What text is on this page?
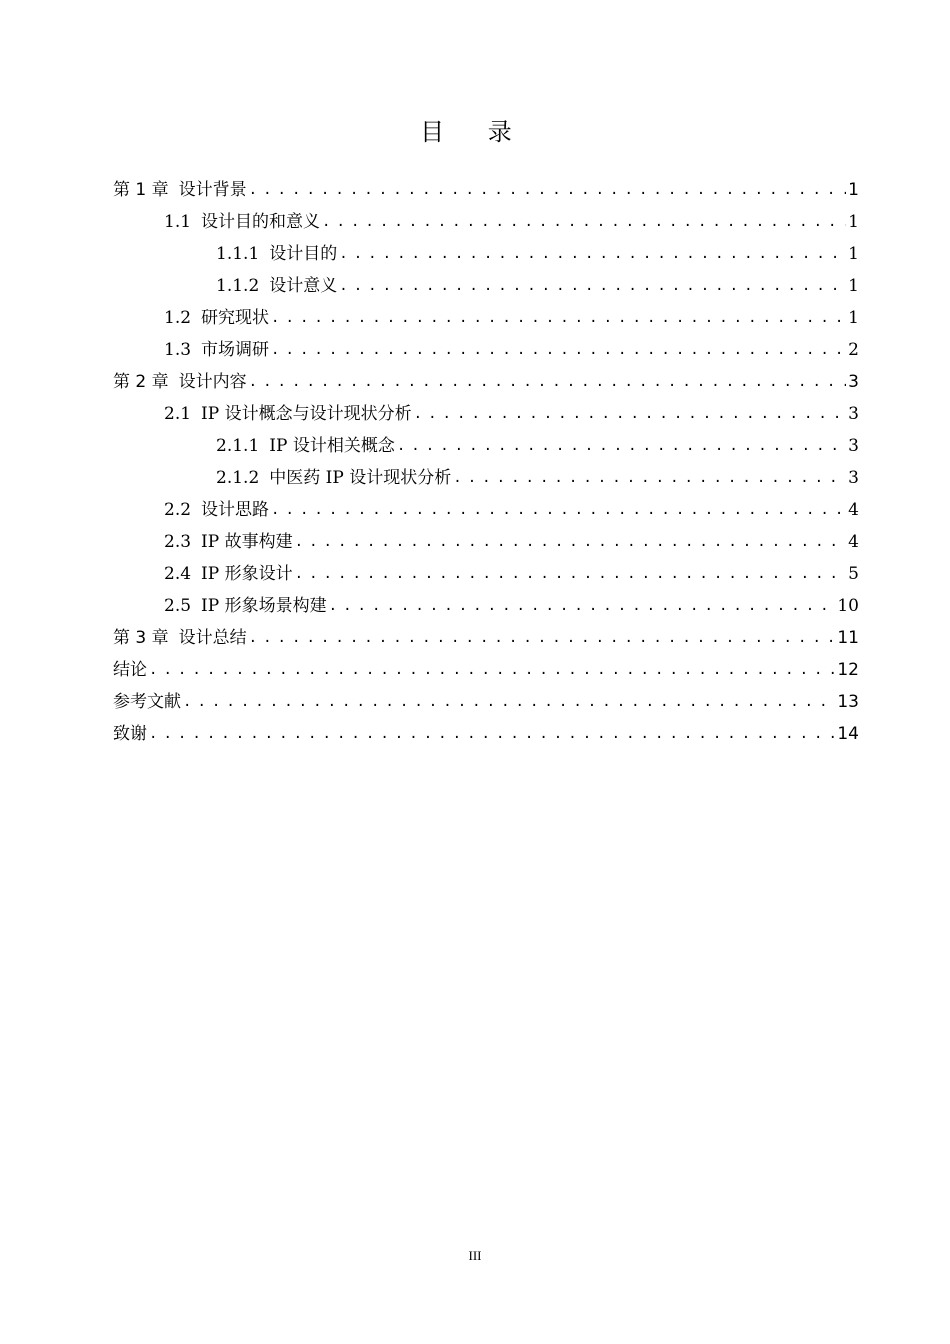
目 录
第 1 章 设计背景 . . .	1
1.1 设计目的和意义 . . .	1
1.1.1 设计目的 . . .	1
1.1.2 设计意义 . . .	1
1.2 研究现状 . . .	1
1.3 市场调研 . . .	2
第 2 章 设计内容 . . .	3
2.1 IP 设计概念与设计现状分析 . . .	3
2.1.1 IP 设计相关概念 . . .	3
2.1.2 中医药 IP 设计现状分析 . . .	3
2.2 设计思路 . . .	4
2.3 IP 故事构建 . . .	4
2.4 IP 形象设计 . . .	5
2.5 IP 形象场景构建 . . .	10
第 3 章 设计总结 . . .	11
结论 . . .	12
参考文献 . . .	13
致谢 . . .	14
III
